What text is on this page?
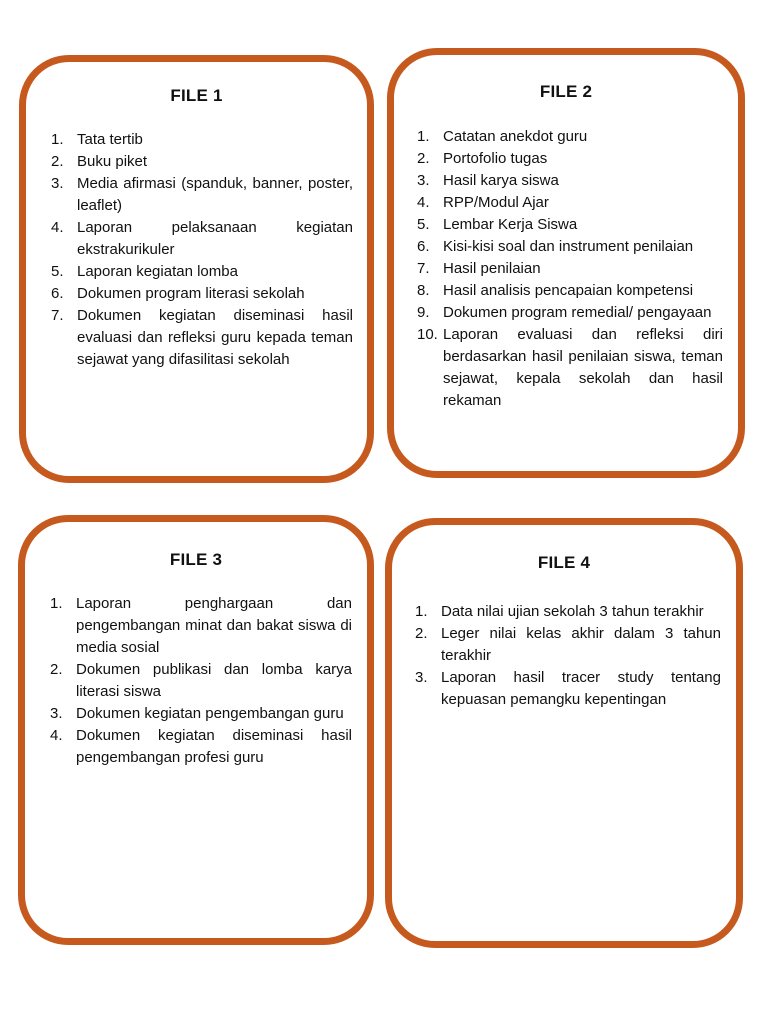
FILE 1
1. Tata tertib
2. Buku piket
3. Media afirmasi (spanduk, banner, poster, leaflet)
4. Laporan pelaksanaan kegiatan ekstrakurikuler
5. Laporan kegiatan lomba
6. Dokumen program literasi sekolah
7. Dokumen kegiatan diseminasi hasil evaluasi dan refleksi guru kepada teman sejawat yang difasilitasi sekolah
FILE 2
1. Catatan anekdot guru
2. Portofolio tugas
3. Hasil karya siswa
4. RPP/Modul Ajar
5. Lembar Kerja Siswa
6. Kisi-kisi soal dan instrument penilaian
7. Hasil penilaian
8. Hasil analisis pencapaian kompetensi
9. Dokumen program remedial/ pengayaan
10. Laporan evaluasi dan refleksi diri berdasarkan hasil penilaian siswa, teman sejawat, kepala sekolah dan hasil rekaman
FILE 3
1. Laporan penghargaan dan pengembangan minat dan bakat siswa di media sosial
2. Dokumen publikasi dan lomba karya literasi siswa
3. Dokumen kegiatan pengembangan guru
4. Dokumen kegiatan diseminasi hasil pengembangan profesi guru
FILE 4
1. Data nilai ujian sekolah 3 tahun terakhir
2. Leger nilai kelas akhir dalam 3 tahun terakhir
3. Laporan hasil tracer study tentang kepuasan pemangku kepentingan
